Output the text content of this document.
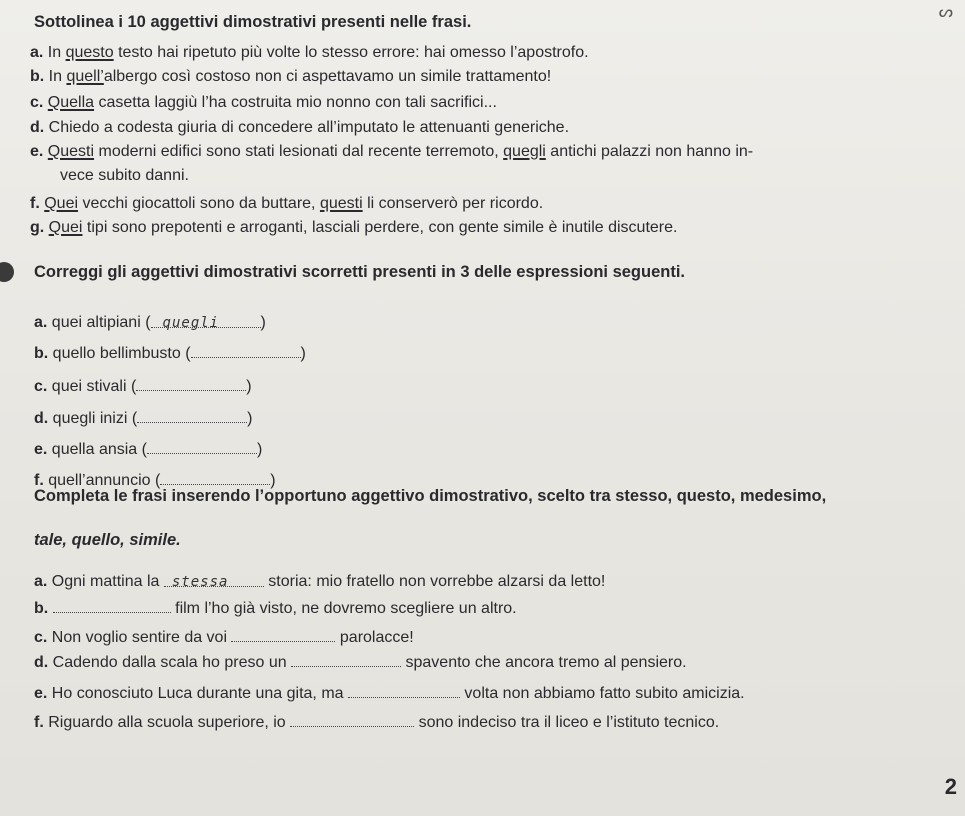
ᔕ
Sottolinea i 10 aggettivi dimostrativi presenti nelle frasi.
a. In questo testo hai ripetuto più volte lo stesso errore: hai omesso l’apostrofo.
b. In quell’albergo così costoso non ci aspettavamo un simile trattamento!
c. Quella casetta laggiù l’ha costruita mio nonno con tali sacrifici...
d. Chiedo a codesta giuria di concedere all’imputato le attenuanti generiche.
e. Questi moderni edifici sono stati lesionati dal recente terremoto, quegli antichi palazzi non hanno in-
vece subito danni.
f. Quei vecchi giocattoli sono da buttare, questi li conserverò per ricordo.
g. Quei tipi sono prepotenti e arroganti, lasciali perdere, con gente simile è inutile discutere.
Correggi gli aggettivi dimostrativi scorretti presenti in 3 delle espressioni seguenti.
a. quei altipiani ( quegli	)
b. quello bellimbusto (	)
c. quei stivali (	)
d. quegli inizi (	)
e. quella ansia (	)
f. quell’annuncio (	)
Completa le frasi inserendo l’opportuno aggettivo dimostrativo, scelto tra stesso, questo, medesimo,
tale, quello, simile.
a. Ogni mattina la stessa storia: mio fratello non vorrebbe alzarsi da letto!
b.	film l’ho già visto, ne dovremo scegliere un altro.
c. Non voglio sentire da voi	parolacce!
d. Cadendo dalla scala ho preso un	spavento che ancora tremo al pensiero.
e. Ho conosciuto Luca durante una gita, ma	volta non abbiamo fatto subito amicizia.
f. Riguardo alla scuola superiore, io	sono indeciso tra il liceo e l’istituto tecnico.
2
